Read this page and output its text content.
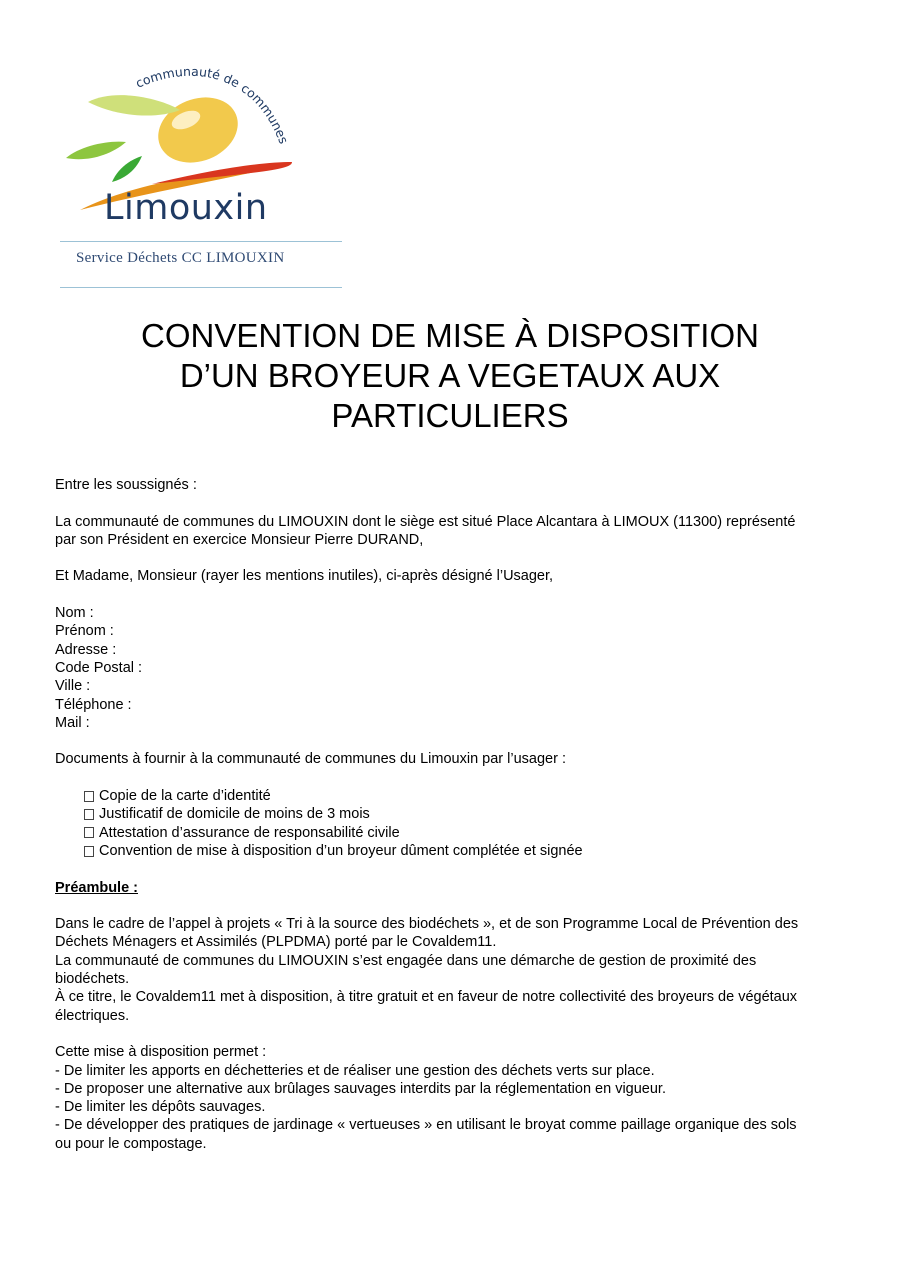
communauté de communes
Limouxin
Service Déchets CC LIMOUXIN
CONVENTION DE MISE À DISPOSITION
D’UN BROYEUR A VEGETAUX AUX
PARTICULIERS

Entre les soussignés :

La communauté de communes du LIMOUXIN dont le siège est situé Place Alcantara à LIMOUX (11300) représenté
par son Président en exercice Monsieur Pierre DURAND,

Et Madame, Monsieur (rayer les mentions inutiles), ci-après désigné l’Usager,

Nom :
Prénom :
Adresse :
Code Postal :
Ville :
Téléphone :
Mail :

Documents à fournir à la communauté de communes du Limouxin par l’usager :

Copie de la carte d’identité
Justificatif de domicile de moins de 3 mois
Attestation d’assurance de responsabilité civile
Convention de mise à disposition d’un broyeur dûment complétée et signée

Préambule :

Dans le cadre de l’appel à projets « Tri à la source des biodéchets », et de son Programme Local de Prévention des
Déchets Ménagers et Assimilés (PLPDMA) porté par le Covaldem11.
La communauté de communes du LIMOUXIN s’est engagée dans une démarche de gestion de proximité des
biodéchets.
À ce titre, le Covaldem11 met à disposition, à titre gratuit et en faveur de notre collectivité des broyeurs de végétaux
électriques.

Cette mise à disposition permet :
- De limiter les apports en déchetteries et de réaliser une gestion des déchets verts sur place.
- De proposer une alternative aux brûlages sauvages interdits par la réglementation en vigueur.
- De limiter les dépôts sauvages.
- De développer des pratiques de jardinage « vertueuses » en utilisant le broyat comme paillage organique des sols
ou pour le compostage.
